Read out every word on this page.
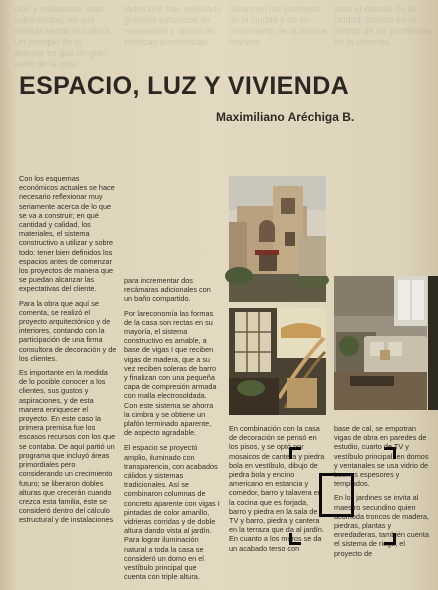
ción y realizados, mas sufrimientos, en qué medida vende la cultura, Un ejemplo de lo anterior es que en gran parte de la obra
tados que han implicado grandes esfuerzos de renovación y ajuste de políticas económicas
dentro en los intereses de la ciudad y de su crecimiento de la misma manera
para el estudio de la ciudad, incluso en el ámbito de los problemas de la vivienda
ESPACIO, LUZ Y VIVIENDA
Maximiliano Aréchiga B.

Con los esquemas económicos actuales se hace necesario reflexionar muy seriamente acerca de lo que se va a construir; en qué cantidad y calidad, los materiales, el sistema constructivo a utilizar y sobre todo: tener bien definidos los espacios antes de comenzar los proyectos de manera que se puedan alcanzar las expectativas del cliente.

Para la obra que aquí se comenta, se realizó el proyecto arquitectónico y de interiores, contando con la participación de una firma consultora de decoración y de los clientes.

Es importante en la medida de lo posible conocer a los clientes, sus gustos y aspiraciones, y de esta manera enriquecer el proyecto. En este caso la primera premisa fue los escasos recursos con los que se contaba. De aquí partió un programa que incluyó áreas primordiales pero considerando un crecimiento futuro; se liberaron dobles alturas que crecerán cuando crezca esta familia, éste se consideró dentro del cálculo estructural y de instalaciones

para incrementar dos recámaras adicionales con un baño compartido.

Por lareconomía las formas de la casa son rectas en su mayoría, el sistema constructivo es amable, a base de vigas I que reciben vigas de madera, que a su vez reciben soleras de barro y finalizan con una pequeña capa de compresión armada con malla electrosoldada. Con este sistema se ahorra la cimbra y se obtiene un plafón terminado aparente, de aspecto agradable.

El espacio se proyectó amplio, iluminado con transparencia, con acabados cálidos y sistemas tradicionales. Así se combinaron columnas de concreto aparente con vigas I pintadas de color amarillo, vidrieras corridas y de doble altura dando vista al jardín. Para lograr iluminación natural a toda la casa se consideró un domo en el vestíbulo principal que cuenta con triple altura.

En combinación con la casa de decoración se pensó en los pisos, y se optó por mosaicos de cantera y piedra bola en vestíbulo, dibujo de piedra bola y encino americano en estancia y comedor, barro y talavera en la cocina que es forjada, barro y piedra en la sala de TV y barro, piedra y cantera en la terraza que da al jardín. En cuanto a los muros se da un acabado terso con

base de cal, se empotran vigas de obra en paredes de estudio, cuarto de TV y vestíbulo principal, en domos y ventanales se usa vidrio de buenos espesores y templados.

En los jardines se invita al maestro secundino quien acomoda troncos de madera, piedras, plantas y enredaderas, también cuenta el sistema de riego, el proyecto de
